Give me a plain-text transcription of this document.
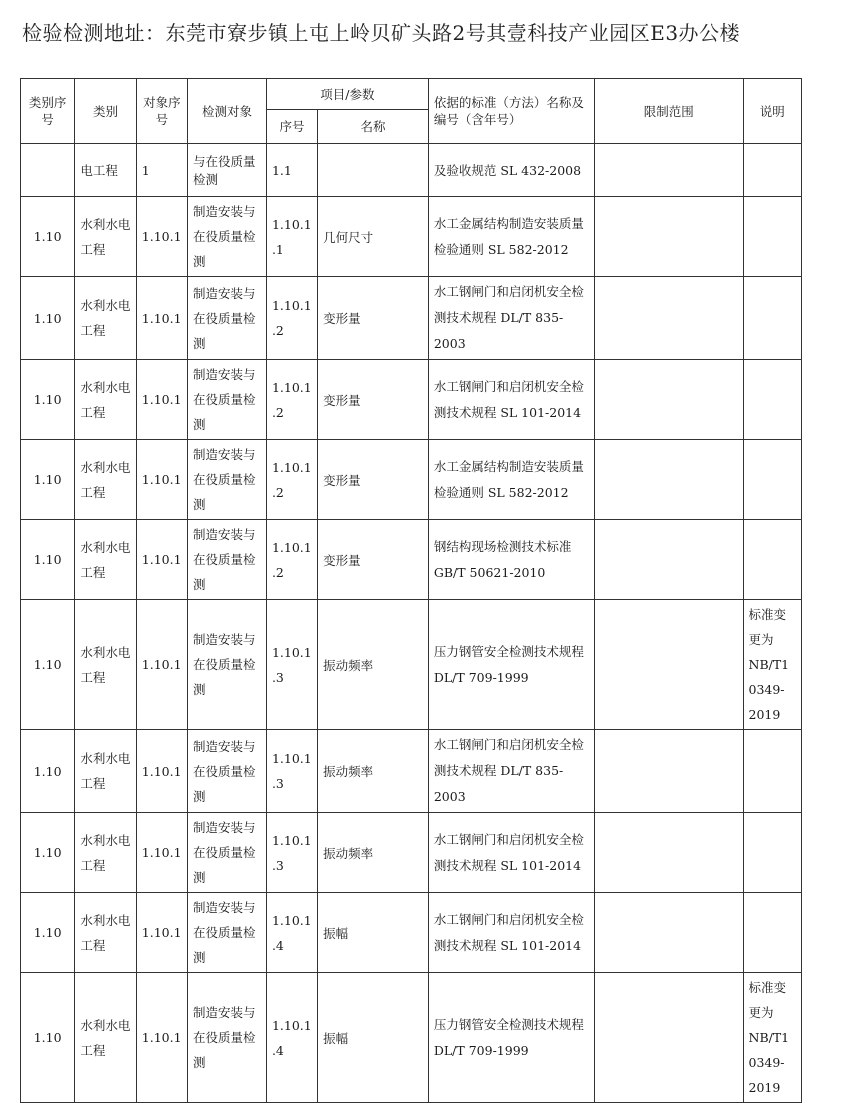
检验检测地址：东莞市寮步镇上屯上岭贝矿头路2号其壹科技产业园区E3办公楼
类别序号	类别	对象序号	检测对象	项目/参数		依据的标准（方法）名称及编号（含年号）	限制范围	说明
				序号	名称			
	电工程	1	与在役质量检测	1.1		及验收规范 SL 432-2008		
1.10	水利水电工程	1.10.1	制造安装与在役质量检测	1.10.1.1	几何尺寸	水工金属结构制造安装质量检验通则 SL 582-2012		
1.10	水利水电工程	1.10.1	制造安装与在役质量检测	1.10.1.2	变形量	水工钢闸门和启闭机安全检测技术规程 DL/T 835-2003		
1.10	水利水电工程	1.10.1	制造安装与在役质量检测	1.10.1.2	变形量	水工钢闸门和启闭机安全检测技术规程 SL 101-2014		
1.10	水利水电工程	1.10.1	制造安装与在役质量检测	1.10.1.2	变形量	水工金属结构制造安装质量检验通则 SL 582-2012		
1.10	水利水电工程	1.10.1	制造安装与在役质量检测	1.10.1.2	变形量	钢结构现场检测技术标准 GB/T 50621-2010		
1.10	水利水电工程	1.10.1	制造安装与在役质量检测	1.10.1.3	振动频率	压力钢管安全检测技术规程 DL/T 709-1999		标准变更为NB/T10349-2019
1.10	水利水电工程	1.10.1	制造安装与在役质量检测	1.10.1.3	振动频率	水工钢闸门和启闭机安全检测技术规程 DL/T 835-2003		
1.10	水利水电工程	1.10.1	制造安装与在役质量检测	1.10.1.3	振动频率	水工钢闸门和启闭机安全检测技术规程 SL 101-2014		
1.10	水利水电工程	1.10.1	制造安装与在役质量检测	1.10.1.4	振幅	水工钢闸门和启闭机安全检测技术规程 SL 101-2014		
1.10	水利水电工程	1.10.1	制造安装与在役质量检测	1.10.1.4	振幅	压力钢管安全检测技术规程 DL/T 709-1999		标准变更为NB/T10349-2019
